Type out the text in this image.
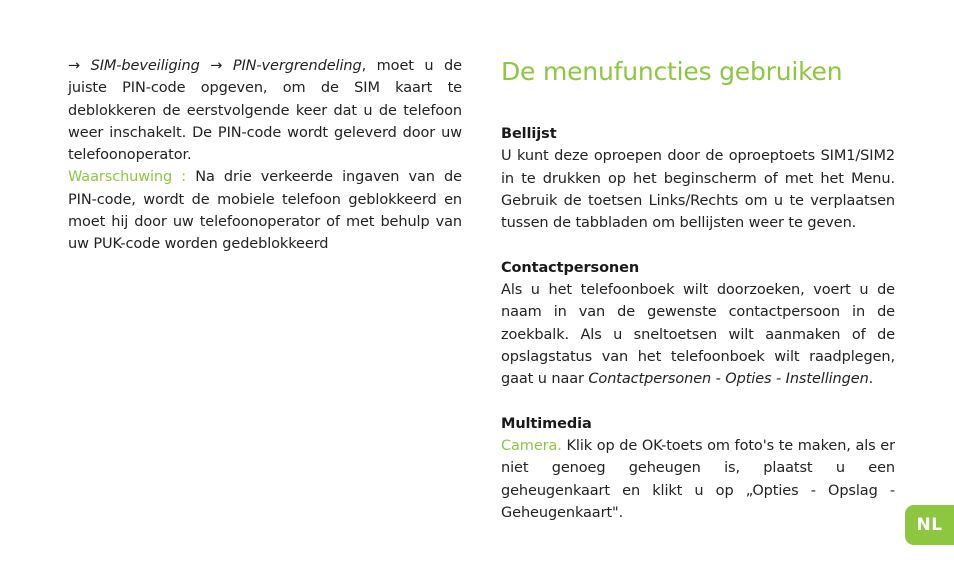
→ SIM-beveiliging → PIN-vergrendeling, moet u de juiste PIN-code opgeven, om de SIM kaart te deblokkeren de eerstvolgende keer dat u de telefoon weer inschakelt. De PIN-code wordt geleverd door uw telefoonoperator.

Waarschuwing : Na drie verkeerde ingaven van de PIN-code, wordt de mobiele telefoon geblokkeerd en moet hij door uw telefoonoperator of met behulp van uw PUK-code worden gedeblokkeerd

De menufuncties gebruiken
Bellijst

U kunt deze oproepen door de oproeptoets SIM1/SIM2 in te drukken op het beginscherm of met het Menu. Gebruik de toetsen Links/Rechts om u te verplaatsen tussen de tabbladen om bellijsten weer te geven.

Contactpersonen

Als u het telefoonboek wilt doorzoeken, voert u de naam in van de gewenste contactpersoon in de zoekbalk. Als u sneltoetsen wilt aanmaken of de opslagstatus van het telefoonboek wilt raadplegen, gaat u naar Contactpersonen - Opties - Instellingen.

Multimedia

Camera. Klik op de OK-toets om foto's te maken, als er niet genoeg geheugen is, plaatst u een geheugenkaart en klikt u op „Opties - Opslag - Geheugenkaart".

NL
